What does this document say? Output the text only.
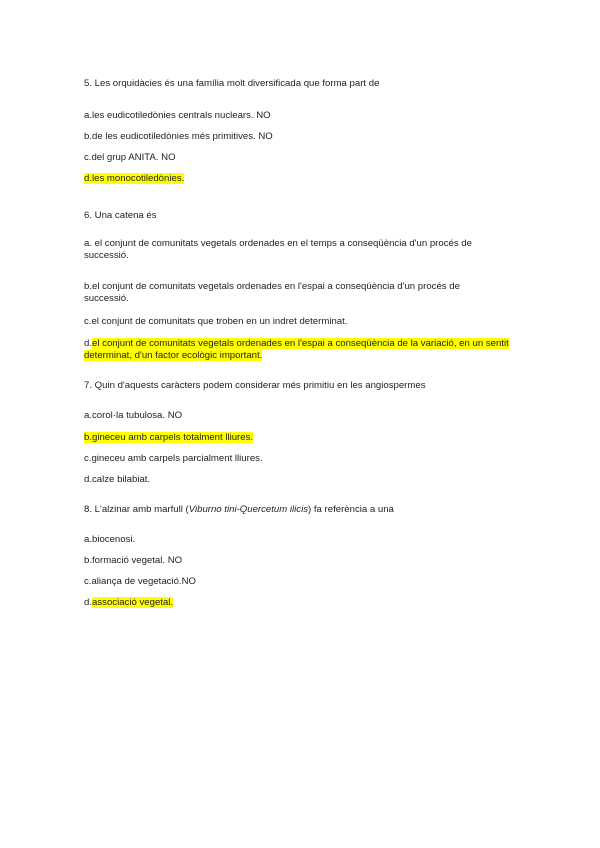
5. Les orquidàcies és una família molt diversificada que forma part de

a.les eudicotiledònies centrals nuclears. NO

b.de les eudicotiledònies més primitives. NO

c.del grup ANITA. NO

d.les monocotiledònies.

6. Una catena és

a. el conjunt de comunitats vegetals ordenades en el temps a conseqüència d'un procés de successió.

b.el conjunt de comunitats vegetals ordenades en l'espai a conseqüència d'un procés de successió.

c.el conjunt de comunitats que troben en un indret determinat.

d.el conjunt de comunitats vegetals ordenades en l'espai a conseqüència de la variació, en un sentit determinat, d'un factor ecològic important.

7. Quin d'aquests caràcters podem considerar més primitiu en les angiospermes

a.corol·la tubulosa. NO

b.gineceu amb carpels totalment lliures.

c.gineceu amb carpels parcialment lliures.

d.calze bilabiat.

8. L'alzinar amb marfull (Viburno tini-Quercetum ilicis) fa referència a una

a.biocenosi.

b.formació vegetal. NO

c.aliança de vegetació.NO

d.associació vegetal.
